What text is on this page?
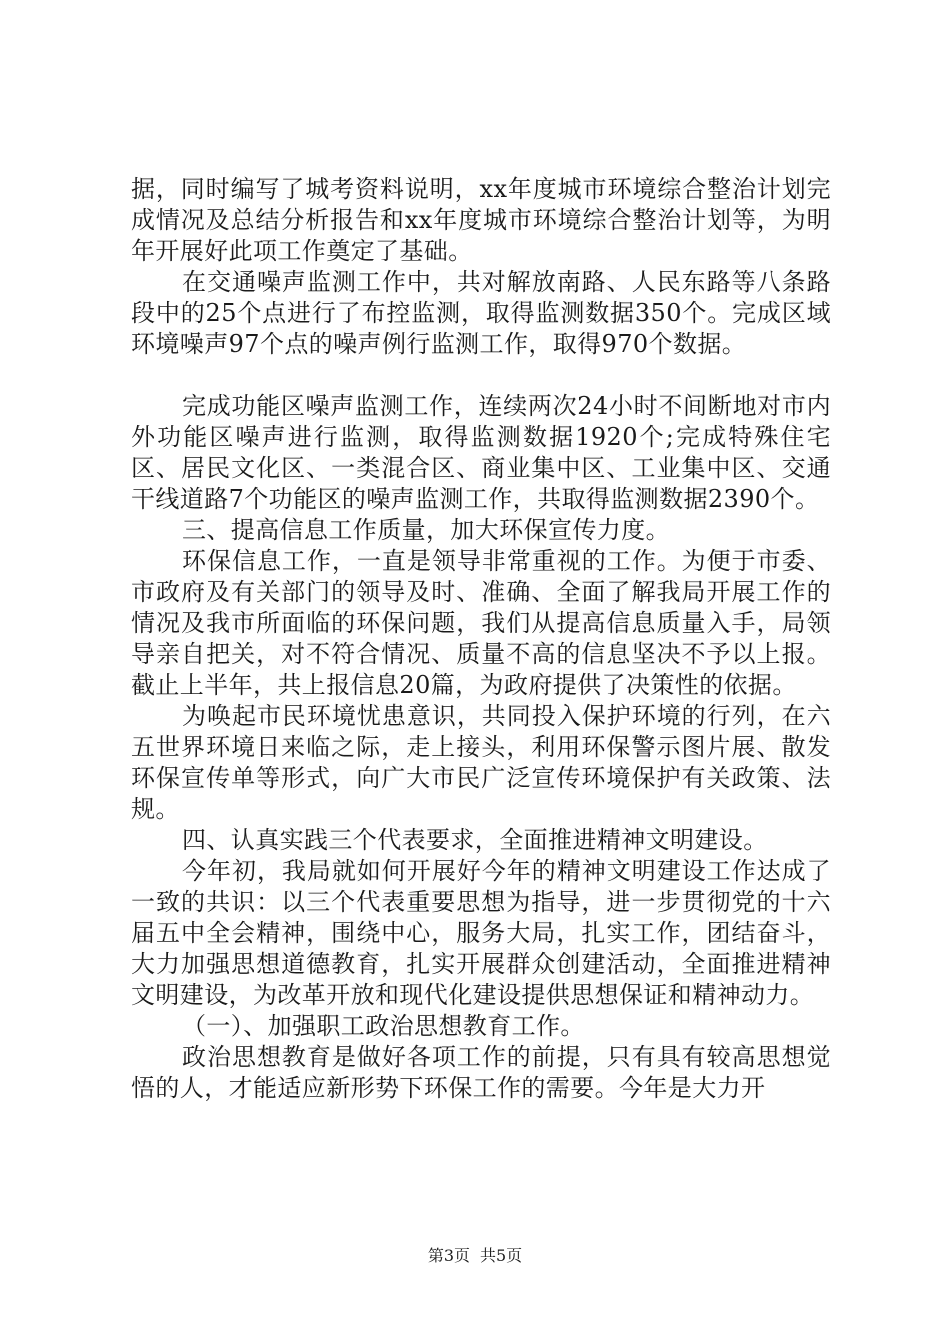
据，同时编写了城考资料说明，xx年度城市环境综合整治计划完成情况及总结分析报告和xx年度城市环境综合整治计划等，为明年开展好此项工作奠定了基础。

在交通噪声监测工作中，共对解放南路、人民东路等八条路段中的25个点进行了布控监测，取得监测数据350个。完成区域环境噪声97个点的噪声例行监测工作，取得970个数据。

完成功能区噪声监测工作，连续两次24小时不间断地对市内外功能区噪声进行监测，取得监测数据1920个;完成特殊住宅区、居民文化区、一类混合区、商业集中区、工业集中区、交通干线道路7个功能区的噪声监测工作，共取得监测数据2390个。

三、提高信息工作质量，加大环保宣传力度。

环保信息工作，一直是领导非常重视的工作。为便于市委、市政府及有关部门的领导及时、准确、全面了解我局开展工作的情况及我市所面临的环保问题，我们从提高信息质量入手，局领导亲自把关，对不符合情况、质量不高的信息坚决不予以上报。截止上半年，共上报信息20篇，为政府提供了决策性的依据。

为唤起市民环境忧患意识，共同投入保护环境的行列，在六五世界环境日来临之际，走上接头，利用环保警示图片展、散发环保宣传单等形式，向广大市民广泛宣传环境保护有关政策、法规。

四、认真实践三个代表要求，全面推进精神文明建设。

今年初，我局就如何开展好今年的精神文明建设工作达成了一致的共识：以三个代表重要思想为指导，进一步贯彻党的十六届五中全会精神，围绕中心，服务大局，扎实工作，团结奋斗，大力加强思想道德教育，扎实开展群众创建活动，全面推进精神文明建设，为改革开放和现代化建设提供思想保证和精神动力。

（一）、加强职工政治思想教育工作。

政治思想教育是做好各项工作的前提，只有具有较高思想觉悟的人，才能适应新形势下环保工作的需要。今年是大力开

第3页 共5页
